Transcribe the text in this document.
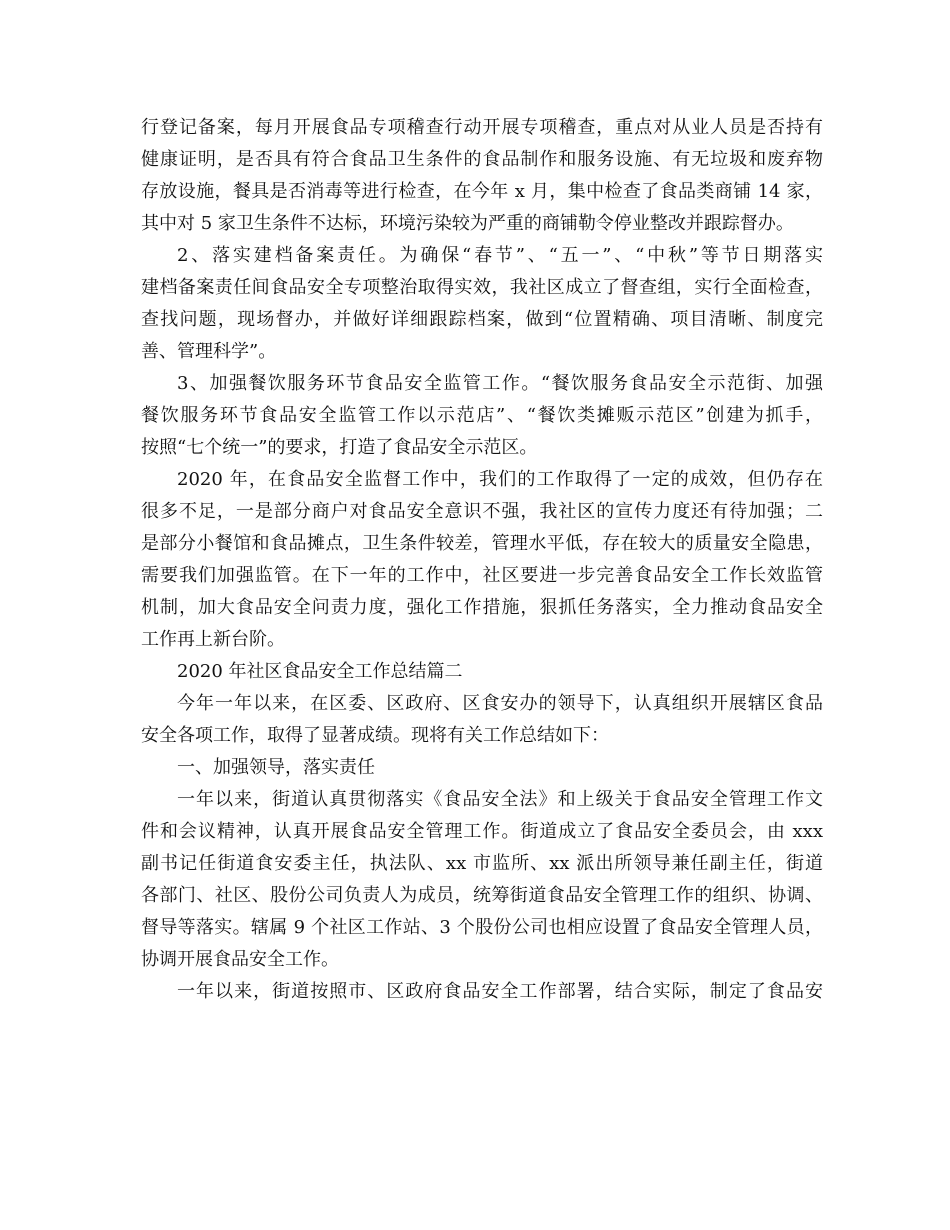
行登记备案，每月开展食品专项稽查行动开展专项稽查，重点对从业人员是否持有
健康证明，是否具有符合食品卫生条件的食品制作和服务设施、有无垃圾和废弃物
存放设施，餐具是否消毒等进行检查，在今年 x 月，集中检查了食品类商铺 14 家，
其中对 5 家卫生条件不达标，环境污染较为严重的商铺勒令停业整改并跟踪督办。
2、落实建档备案责任。为确保“春节”、“五一”、“中秋”等节日期落实
建档备案责任间食品安全专项整治取得实效，我社区成立了督查组，实行全面检查，
查找问题，现场督办，并做好详细跟踪档案，做到“位置精确、项目清晰、制度完
善、管理科学”。
3、加强餐饮服务环节食品安全监管工作。“餐饮服务食品安全示范街、加强
餐饮服务环节食品安全监管工作以示范店”、“餐饮类摊贩示范区”创建为抓手，
按照“七个统一”的要求，打造了食品安全示范区。
2020 年，在食品安全监督工作中，我们的工作取得了一定的成效，但仍存在
很多不足，一是部分商户对食品安全意识不强，我社区的宣传力度还有待加强；二
是部分小餐馆和食品摊点，卫生条件较差，管理水平低，存在较大的质量安全隐患，
需要我们加强监管。在下一年的工作中，社区要进一步完善食品安全工作长效监管
机制，加大食品安全问责力度，强化工作措施，狠抓任务落实，全力推动食品安全
工作再上新台阶。
2020 年社区食品安全工作总结篇二
今年一年以来，在区委、区政府、区食安办的领导下，认真组织开展辖区食品
安全各项工作，取得了显著成绩。现将有关工作总结如下：
一、加强领导，落实责任
一年以来，街道认真贯彻落实《食品安全法》和上级关于食品安全管理工作文
件和会议精神，认真开展食品安全管理工作。街道成立了食品安全委员会，由 xxx
副书记任街道食安委主任，执法队、xx 市监所、xx 派出所领导兼任副主任，街道
各部门、社区、股份公司负责人为成员，统筹街道食品安全管理工作的组织、协调、
督导等落实。辖属 9 个社区工作站、3 个股份公司也相应设置了食品安全管理人员，
协调开展食品安全工作。
一年以来，街道按照市、区政府食品安全工作部署，结合实际，制定了食品安
